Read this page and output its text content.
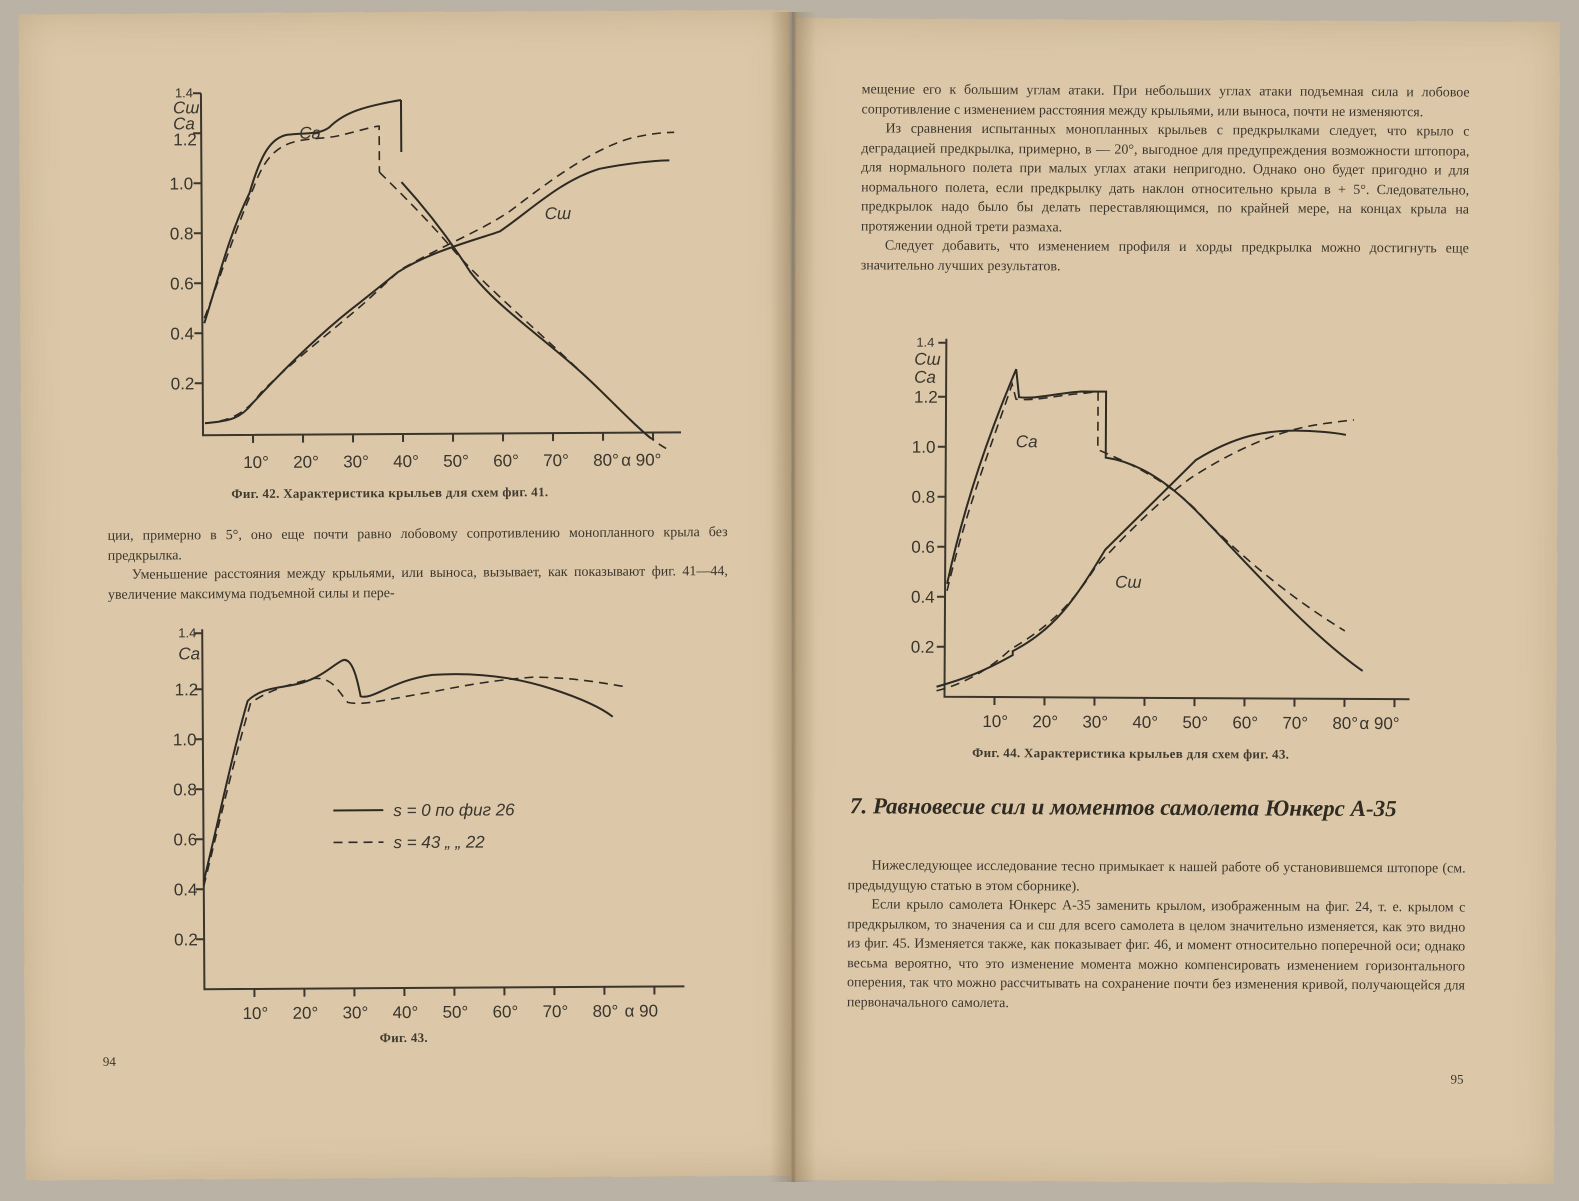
0.2
0.4
0.6
0.8
1.0
1.2
1.4
Cш
Cа
10° 20° 30° 40° 50° 60° 70° 80° α 90°
Cа
Cш
Фиг. 42. Характеристика крыльев для схем фиг. 41.

ции, примерно в 5°, оно еще почти равно лобовому сопротивлению монопланного крыла без предкрылка.

Уменьшение расстояния между крыльями, или выноса, вызывает, как показывают фиг. 41—44, увеличение максимума подъемной силы и пере-

0.2
0.4
0.6
0.8
1.0
1.2
1.4
Cа
10° 20° 30° 40° 50° 60° 70° 80° α 90
s = 0 по фиг 26
s = 43 „ „ 22
Фиг. 43.
94

мещение его к большим углам атаки. При небольших углах атаки подъемная сила и лобовое сопротивление с изменением расстояния между крыльями, или выноса, почти не изменяются.

Из сравнения испытанных монопланных крыльев с предкрылками следует, что крыло с деградацией предкрылка, примерно, в — 20°, выгодное для предупреждения возможности штопора, для нормального полета при малых углах атаки непригодно. Однако оно будет пригодно и для нормального полета, если предкрылку дать наклон относительно крыла в + 5°. Следовательно, предкрылок надо было бы делать переставляющимся, по крайней мере, на концах крыла на протяжении одной трети размаха.

Следует добавить, что изменением профиля и хорды предкрылка можно достигнуть еще значительно лучших результатов.

0.2
0.4
0.6
0.8
1.0
1.2
1.4
Cш
Cа
10° 20° 30° 40° 50° 60° 70° 80° α 90°
Cа
Cш
Фиг. 44. Характеристика крыльев для схем фиг. 43.
7. Равновесие сил и моментов самолета Юнкерс А-35

Нижеследующее исследование тесно примыкает к нашей работе об установившемся штопоре (см. предыдущую статью в этом сборнике).

Если крыло самолета Юнкерс А-35 заменить крылом, изображенным на фиг. 24, т. е. крылом с предкрылком, то значения cа и cш для всего самолета в целом значительно изменяется, как это видно из фиг. 45. Изменяется также, как показывает фиг. 46, и момент относительно поперечной оси; однако весьма вероятно, что это изменение момента можно компенсировать изменением горизонтального оперения, так что можно рассчитывать на сохранение почти без изменения кривой, получающейся для первоначального самолета.

95
